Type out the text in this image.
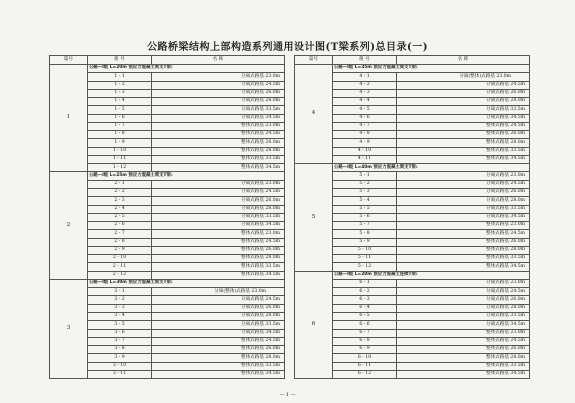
公路桥梁结构上部构造系列通用设计图(T梁系列)总目录(一)
篇号	册 号	名 称
1	公路—Ⅰ级 L=20m 预应力混凝土简支T梁:	
	1 - 1	分离式路基 23.0m
	1 - 2	分离式路基 24.5m
	1 - 3	分离式路基 26.0m
	1 - 4	分离式路基 28.0m
	1 - 5	分离式路基 33.5m
	1 - 6	分离式路基 34.5m
	1 - 7	整体式路基 23.0m
	1 - 8	整体式路基 24.5m
	1 - 9	整体式路基 26.0m
	1 - 10	整体式路基 28.0m
	1 - 11	整体式路基 33.5m
	1 - 12	整体式路基 34.5m
2	公路—Ⅰ级 L=25m 预应力混凝土简支T梁:	
	2 - 1	分离式路基 23.0m
	2 - 2	分离式路基 24.5m
	2 - 3	分离式路基 26.0m
	2 - 4	分离式路基 28.0m
	2 - 5	分离式路基 33.5m
	2 - 6	分离式路基 34.5m
	2 - 7	整体式路基 23.0m
	2 - 8	整体式路基 24.5m
	2 - 9	整体式路基 26.0m
	2 - 10	整体式路基 28.0m
	2 - 11	整体式路基 33.5m
	2 - 12	整体式路基 34.5m
3	公路—Ⅰ级 L=30m 预应力混凝土简支T梁:	
	3 - 1	分离(整体)式路基 23.0m
	3 - 2	分离式路基 24.5m
	3 - 3	分离式路基 26.0m
	3 - 4	分离式路基 28.0m
	3 - 5	分离式路基 33.5m
	3 - 6	分离式路基 34.5m
	3 - 7	整体式路基 24.5m
	3 - 8	整体式路基 26.0m
	3 - 9	整体式路基 28.0m
	3 - 10	整体式路基 33.5m
	3 - 11	整体式路基 34.5m
篇号	册 号	名 称
4	公路—Ⅰ级 L=35m 预应力混凝土简支T梁:	
	4 - 1	分离(整体)式路基 23.0m
	4 - 2	分离式路基 24.5m
	4 - 3	分离式路基 26.0m
	4 - 4	分离式路基 28.0m
	4 - 5	分离式路基 33.5m
	4 - 6	分离式路基 34.5m
	4 - 7	整体式路基 24.5m
	4 - 8	整体式路基 26.0m
	4 - 9	整体式路基 28.0m
	4 - 10	整体式路基 33.5m
	4 - 11	整体式路基 34.5m
5	公路—Ⅰ级 L=40m 预应力混凝土简支T梁:	
	5 - 1	分离式路基 23.0m
	5 - 2	分离式路基 24.5m
	5 - 3	分离式路基 26.0m
	5 - 4	分离式路基 28.0m
	5 - 5	分离式路基 33.5m
	5 - 6	分离式路基 34.5m
	5 - 7	整体式路基 23.0m
	5 - 8	整体式路基 24.5m
	5 - 9	整体式路基 26.0m
	5 - 10	整体式路基 28.0m
	5 - 11	整体式路基 33.5m
	5 - 12	整体式路基 34.5m
6	公路—Ⅰ级 L=20m 预应力混凝土连续T梁:	
	6 - 1	分离式路基 23.0m
	6 - 2	分离式路基 24.5m
	6 - 3	分离式路基 26.0m
	6 - 4	分离式路基 28.0m
	6 - 5	分离式路基 33.5m
	6 - 6	分离式路基 34.5m
	6 - 7	整体式路基 23.0m
	6 - 8	整体式路基 24.5m
	6 - 9	整体式路基 26.0m
	6 - 10	整体式路基 28.0m
	6 - 11	整体式路基 33.5m
	6 - 12	整体式路基 34.5m
— 1 —
